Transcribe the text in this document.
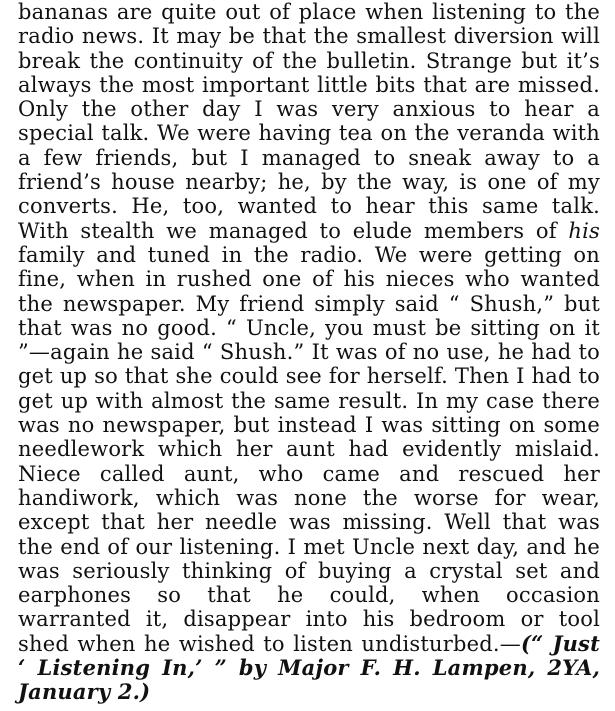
bananas are quite out of place when listening to the radio news. It may be that the smallest diversion will break the continuity of the bulletin. Strange but it’s always the most important little bits that are missed. Only the other day I was very anxious to hear a special talk. We were having tea on the veranda with a few friends, but I managed to sneak away to a friend’s house nearby; he, by the way, is one of my converts. He, too, wanted to hear this same talk. With stealth we managed to elude members of his family and tuned in the radio. We were getting on fine, when in rushed one of his nieces who wanted the newspaper. My friend simply said “ Shush,” but that was no good. “ Uncle, you must be sitting on it ”—again he said “ Shush.” It was of no use, he had to get up so that she could see for herself. Then I had to get up with almost the same result. In my case there was no newspaper, but instead I was sitting on some needlework which her aunt had evidently mislaid. Niece called aunt, who came and rescued her handiwork, which was none the worse for wear, except that her needle was missing. Well that was the end of our listening. I met Uncle next day, and he was seriously thinking of buying a crystal set and earphones so that he could, when occasion warranted it, disappear into his bedroom or tool shed when he wished to listen undisturbed.—(“ Just ‘ Listening In,’ ” by Major F. H. Lampen, 2YA, January 2.)
